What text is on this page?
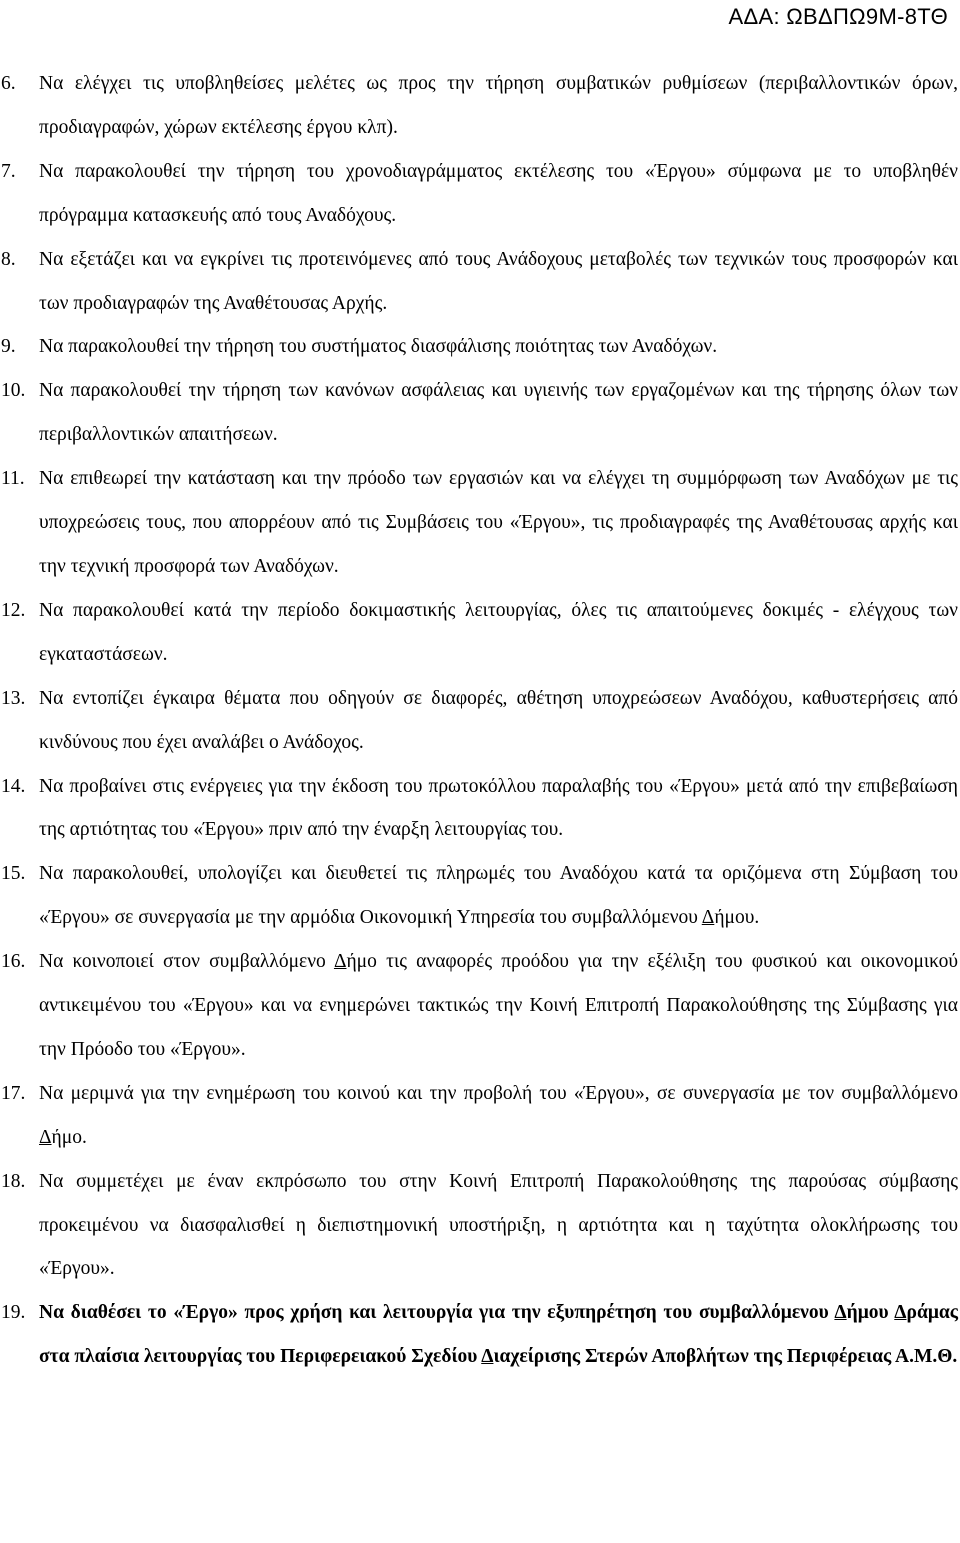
ΑΔΑ: ΩΒΔΠΩ9Μ-8ΤΘ
6. Να ελέγχει τις υποβληθείσες μελέτες ως προς την τήρηση συμβατικών ρυθμίσεων (περιβαλλοντικών όρων, προδιαγραφών, χώρων εκτέλεσης έργου κλπ).
7. Να παρακολουθεί την τήρηση του χρονοδιαγράμματος εκτέλεσης του «Έργου» σύμφωνα με το υποβληθέν πρόγραμμα κατασκευής από τους Αναδόχους.
8. Να εξετάζει και να εγκρίνει τις προτεινόμενες από τους Ανάδοχους μεταβολές των τεχνικών τους προσφορών και των προδιαγραφών της Αναθέτουσας Αρχής.
9. Να παρακολουθεί την τήρηση του συστήματος διασφάλισης ποιότητας των Αναδόχων.
10. Να παρακολουθεί την τήρηση των κανόνων ασφάλειας και υγιεινής των εργαζομένων και της τήρησης όλων των περιβαλλοντικών απαιτήσεων.
11. Να επιθεωρεί την κατάσταση και την πρόοδο των εργασιών και να ελέγχει τη συμμόρφωση των Αναδόχων με τις υποχρεώσεις τους, που απορρέουν από τις Συμβάσεις του «Έργου», τις προδιαγραφές της Αναθέτουσας αρχής και την τεχνική προσφορά των Αναδόχων.
12. Να παρακολουθεί κατά την περίοδο δοκιμαστικής λειτουργίας, όλες τις απαιτούμενες δοκιμές - ελέγχους των εγκαταστάσεων.
13. Να εντοπίζει έγκαιρα θέματα που οδηγούν σε διαφορές, αθέτηση υποχρεώσεων Αναδόχου, καθυστερήσεις από κινδύνους που έχει αναλάβει ο Ανάδοχος.
14. Να προβαίνει στις ενέργειες για την έκδοση του πρωτοκόλλου παραλαβής του «Έργου» μετά από την επιβεβαίωση της αρτιότητας του «Έργου» πριν από την έναρξη λειτουργίας του.
15. Να παρακολουθεί, υπολογίζει και διευθετεί τις πληρωμές του Αναδόχου κατά τα οριζόμενα στη Σύμβαση του «Έργου» σε συνεργασία με την αρμόδια Οικονομική Υπηρεσία του συμβαλλόμενου Δήμου.
16. Να κοινοποιεί στον συμβαλλόμενο Δήμο τις αναφορές προόδου για την εξέλιξη του φυσικού και οικονομικού αντικειμένου του «Έργου» και να ενημερώνει τακτικώς την Κοινή Επιτροπή Παρακολούθησης της Σύμβασης για την Πρόοδο του «Έργου».
17. Να μεριμνά για την ενημέρωση του κοινού και την προβολή του «Έργου», σε συνεργασία με τον συμβαλλόμενο Δήμο.
18. Να συμμετέχει με έναν εκπρόσωπο του στην Κοινή Επιτροπή Παρακολούθησης της παρούσας σύμβασης προκειμένου να διασφαλισθεί η διεπιστημονική υποστήριξη, η αρτιότητα και η ταχύτητα ολοκλήρωσης του «Έργου».
19. Να διαθέσει το «Έργο» προς χρήση και λειτουργία για την εξυπηρέτηση του συμβαλλόμενου Δήμου Δράμας στα πλαίσια λειτουργίας του Περιφερειακού Σχεδίου Διαχείρισης Στερών Αποβλήτων της Περιφέρειας Α.Μ.Θ.
